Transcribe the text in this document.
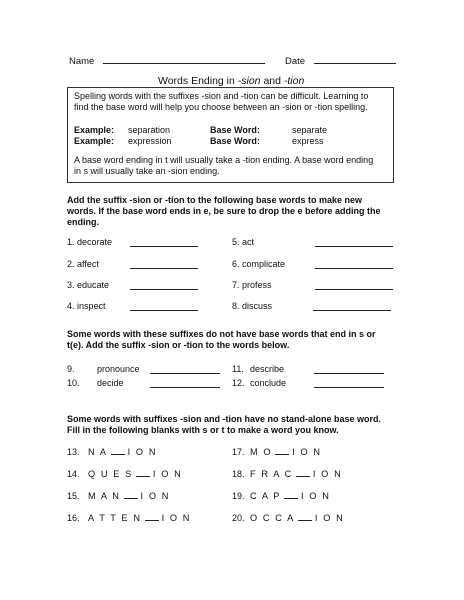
Name	Date
Words Ending in -sion and -tion
Spelling words with the suffixes -sion and -tion can be difficult. Learning to
find the base word will help you choose between an -sion or -tion spelling.
Example: separation	Base Word:	separate
Example: expression	Base Word:	express
A base word ending in t will usually take a -tion ending. A base word ending
in s will usually take an -sion ending.
Add the suffix -sion or -tion to the following base words to make new
words. If the base word ends in e, be sure to drop the e before adding the
ending.
1. decorate	5. act
2. affect	6. complicate
3. educate	7. profess
4. inspect	8. discuss
Some words with these suffixes do not have base words that end in s or
t(e). Add the suffix -sion or -tion to the words below.
9. pronounce	11. describe
10. decide	12. conclude
Some words with suffixes -sion and -tion have no stand-alone base word.
Fill in the following blanks with s or t to make a word you know.
13. N A I O N	17. M O I O N
14. Q U E S I O N	18. F R A C I O N
15. M A N I O N	19. C A P I O N
16. A T T E N I O N	20. O C C A I O N
